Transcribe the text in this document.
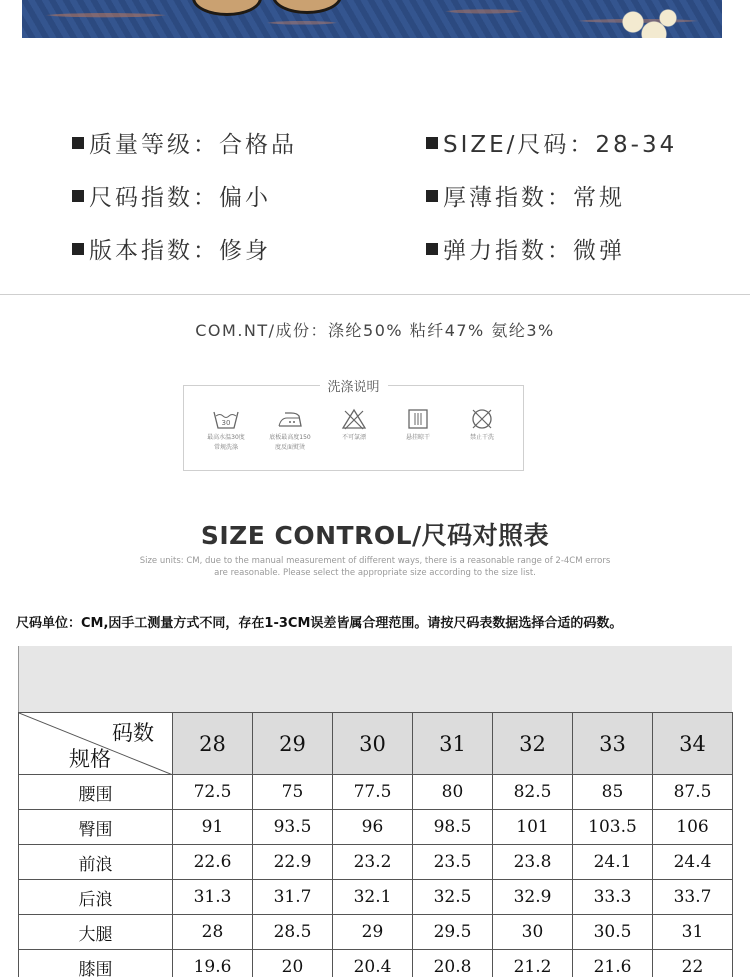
质量等级：合格品	SIZE/尺码：28-34
尺码指数：偏小	厚薄指数：常规
版本指数：修身	弹力指数：微弹
COM.NT/成份：涤纶50% 粘纤47% 氨纶3%
洗涤说明
30
最高水温30度
常规洗涤
底板最高度150
度反面熨烫
不可氯漂	悬挂晾干	禁止干洗
SIZE CONTROL/尺码对照表
Size units: CM, due to the manual measurement of different ways, there is a reasonable range of 2-4CM errors
are reasonable. Please select the appropriate size according to the size list.
尺码单位：CM,因手工测量方式不同，存在1-3CM误差皆属合理范围。请按尺码表数据选择合适的码数。
码数
规格	28	29	30	31	32	33	34
腰围	72.5	75	77.5	80	82.5	85	87.5
臀围	91	93.5	96	98.5	101	103.5	106
前浪	22.6	22.9	23.2	23.5	23.8	24.1	24.4
后浪	31.3	31.7	32.1	32.5	32.9	33.3	33.7
大腿	28	28.5	29	29.5	30	30.5	31
膝围	19.6	20	20.4	20.8	21.2	21.6	22
